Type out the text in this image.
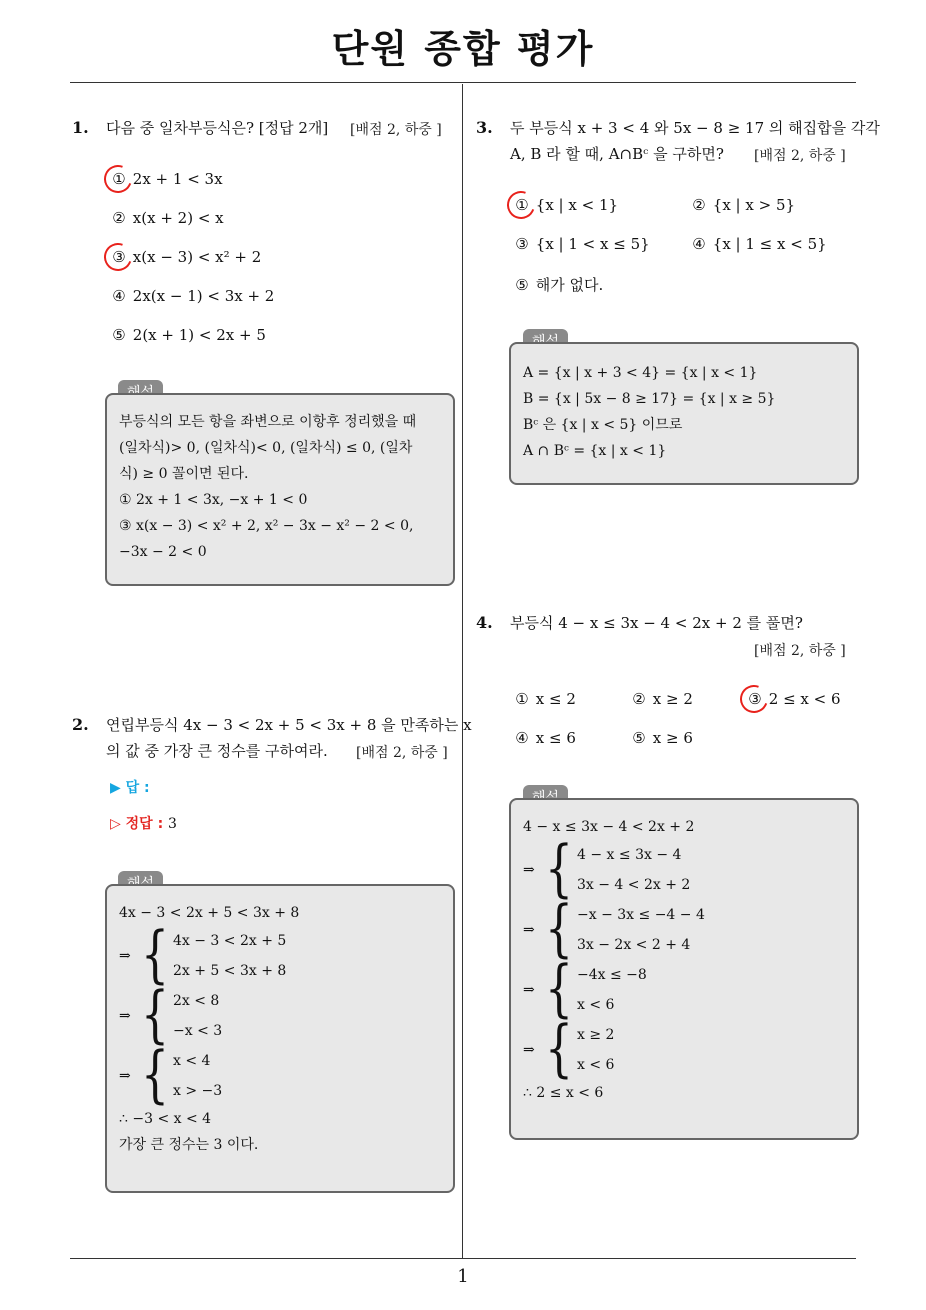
단원 종합 평가
1
1. 다음 중 일차부등식은? [정답 2개] [배점 2, 하중 ]
① 2x + 1 < 3x
② x(x + 2) < x
③ x(x − 3) < x² + 2
④ 2x(x − 1) < 3x + 2
⑤ 2(x + 1) < 2x + 5
부등식의 모든 항을 좌변으로 이항후 정리했을 때
(일차식)> 0, (일차식)< 0, (일차식) ≤ 0, (일차
식) ≥ 0 꼴이면 된다.
① 2x + 1 < 3x, −x + 1 < 0
③ x(x − 3) < x² + 2, x² − 3x − x² − 2 < 0,
−3x − 2 < 0
2. 연립부등식 4x − 3 < 2x + 5 < 3x + 8 을 만족하는 x
의 값 중 가장 큰 정수를 구하여라. [배점 2, 하중 ]
▶ 답 :
▷ 정답 : 3
4x − 3 < 2x + 5 < 3x + 8
⇒ { 4x − 3 < 2x + 5
2x + 5 < 3x + 8
⇒ { 2x < 8
−x < 3
⇒ { x < 4
x > −3
∴ −3 < x < 4
가장 큰 정수는 3 이다.
3. 두 부등식 x + 3 < 4 와 5x − 8 ≥ 17 의 해집합을 각각
A, B 라 할 때, A∩Bᶜ 을 구하면? [배점 2, 하중 ]
① {x | x < 1}	② {x | x > 5}
③ {x | 1 < x ≤ 5}	④ {x | 1 ≤ x < 5}
⑤ 해가 없다.
A = {x | x + 3 < 4} = {x | x < 1}
B = {x | 5x − 8 ≥ 17} = {x | x ≥ 5}
Bᶜ 은 {x | x < 5} 이므로
A ∩ Bᶜ = {x | x < 1}
4. 부등식 4 − x ≤ 3x − 4 < 2x + 2 를 풀면?
[배점 2, 하중 ]
① x ≤ 2	② x ≥ 2	③ 2 ≤ x < 6
④ x ≤ 6	⑤ x ≥ 6
4 − x ≤ 3x − 4 < 2x + 2
⇒ { 4 − x ≤ 3x − 4
3x − 4 < 2x + 2
⇒ { −x − 3x ≤ −4 − 4
3x − 2x < 2 + 4
⇒ { −4x ≤ −8
x < 6
⇒ { x ≥ 2
x < 6
∴ 2 ≤ x < 6
